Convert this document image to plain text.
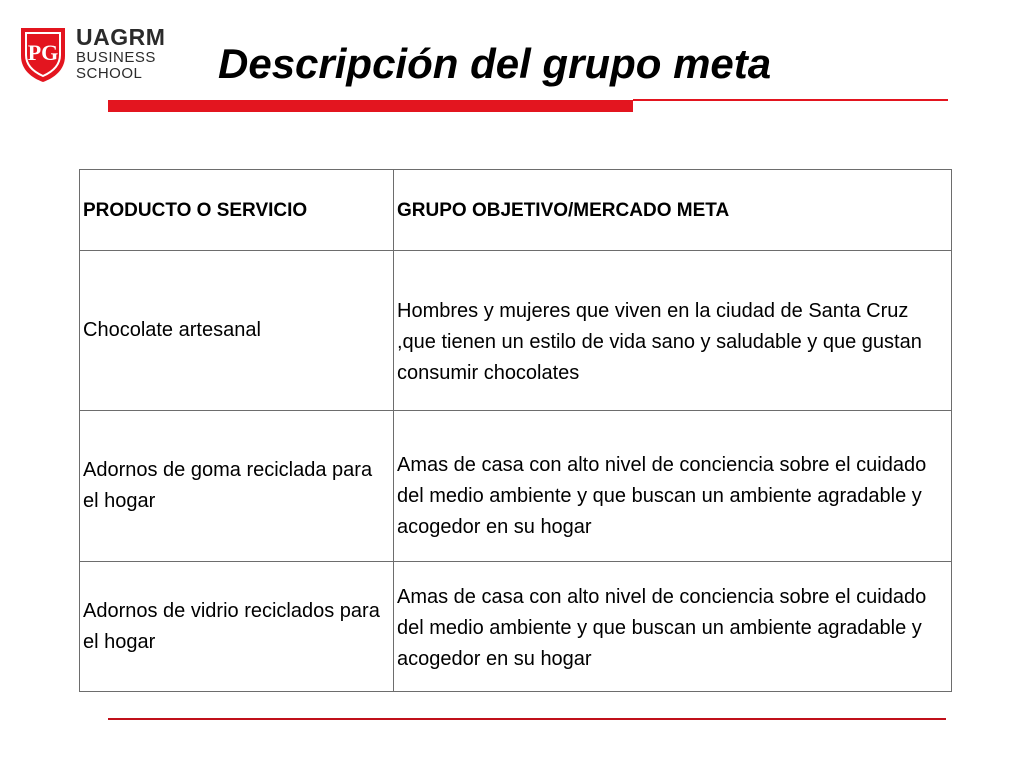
PG
UAGRM
BUSINESS
SCHOOL	Descripción del grupo meta
PRODUCTO O SERVICIO	GRUPO OBJETIVO/MERCADO META
Chocolate artesanal	Hombres y mujeres que viven en la ciudad de Santa Cruz ,que tienen un estilo de vida sano y saludable y que gustan consumir chocolates
Adornos de goma reciclada para el hogar	Amas de casa con alto nivel de conciencia sobre el cuidado del medio ambiente y que buscan un ambiente agradable y acogedor en su hogar
Adornos de vidrio reciclados para el hogar	Amas de casa con alto nivel de conciencia sobre el cuidado del medio ambiente y que buscan un ambiente agradable y acogedor en su hogar
